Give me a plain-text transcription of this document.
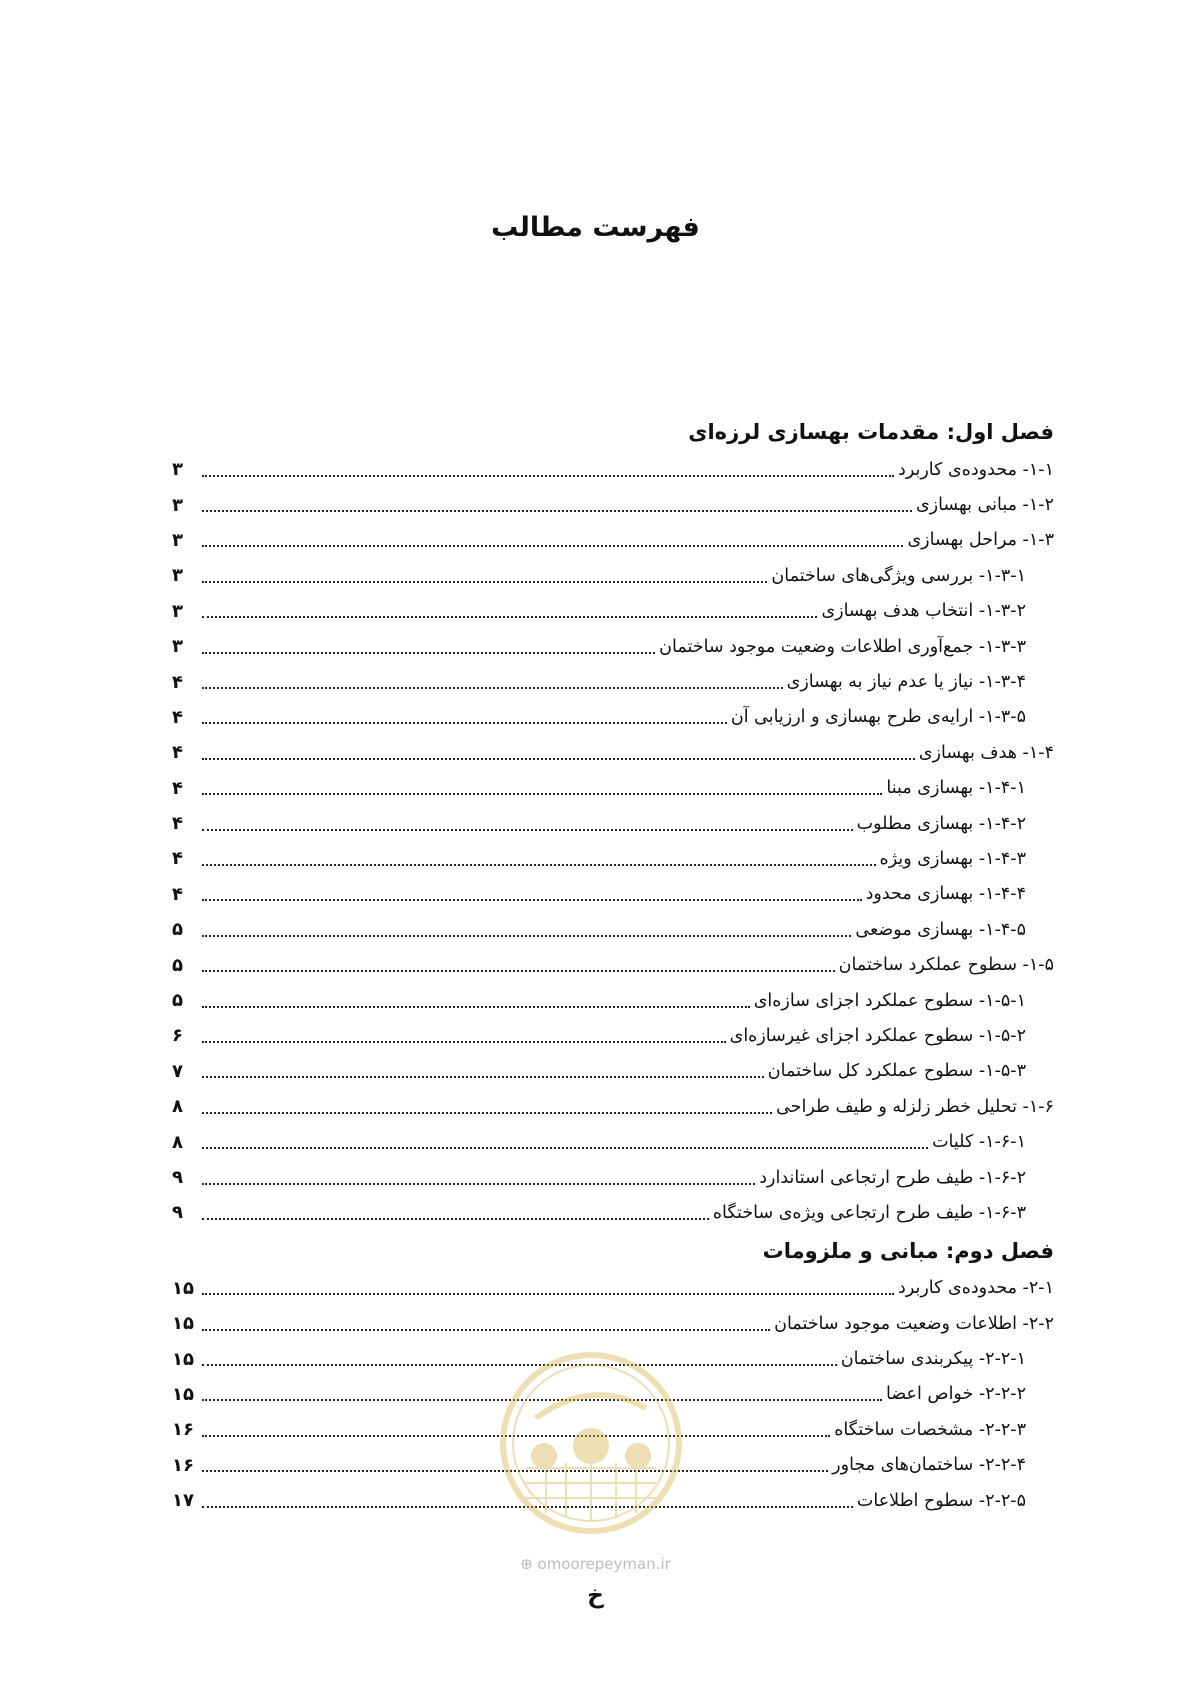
فهرست مطالب
فصل اول: مقدمات بهسازی لرزه‌ای
۱-۱- محدوده‌ی کاربرد
۳
۱-۲- مبانی بهسازی
۳
۱-۳- مراحل بهسازی
۳
۱-۳-۱- بررسی ویژگی‌های ساختمان
۳
۱-۳-۲- انتخاب هدف بهسازی
۳
۱-۳-۳- جمع‌آوری اطلاعات وضعیت موجود ساختمان
۳
۱-۳-۴- نیاز یا عدم نیاز به بهسازی
۴
۱-۳-۵- ارایه‌ی طرح بهسازی و ارزیابی آن
۴
۱-۴- هدف بهسازی
۴
۱-۴-۱- بهسازی مبنا
۴
۱-۴-۲- بهسازی مطلوب
۴
۱-۴-۳- بهسازی ویژه
۴
۱-۴-۴- بهسازی محدود
۴
۱-۴-۵- بهسازی موضعی
۵
۱-۵- سطوح عملکرد ساختمان
۵
۱-۵-۱- سطوح عملکرد اجزای سازه‌ای
۵
۱-۵-۲- سطوح عملکرد اجزای غیرسازه‌ای
۶
۱-۵-۳- سطوح عملکرد کل ساختمان
۷
۱-۶- تحلیل خطر زلزله و طیف طراحی
۸
۱-۶-۱- کلیات
۸
۱-۶-۲- طیف طرح ارتجاعی استاندارد
۹
۱-۶-۳- طیف طرح ارتجاعی ویژه‌ی ساختگاه
۹
فصل دوم: مبانی و ملزومات
۲-۱- محدوده‌ی کاربرد
۱۵
۲-۲- اطلاعات وضعیت موجود ساختمان
۱۵
۲-۲-۱- پیکربندی ساختمان
۱۵
۲-۲-۲- خواص اعضا
۱۵
۲-۲-۳- مشخصات ساختگاه
۱۶
۲-۲-۴- ساختمان‌های مجاور
۱۶
۲-۲-۵- سطوح اطلاعات
۱۷
⊕ omoorepeyman.ir
خ
